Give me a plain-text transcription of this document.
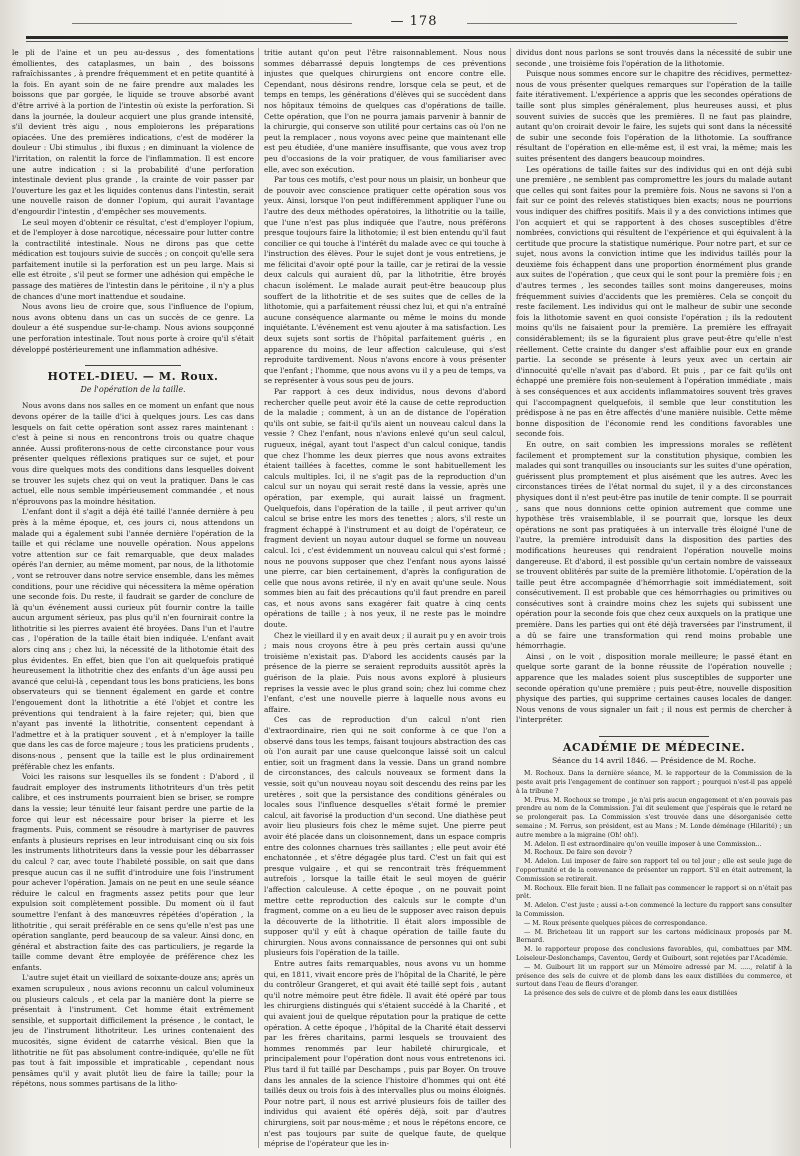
— 178

le pli de l'aine et un peu au-dessus , des fomentations émollientes, des cataplasmes, un bain , des boissons rafraîchissantes , à prendre fréquemment et en petite quantité à la fois. En ayant soin de ne faire prendre aux malades les boissons que par gorgée, le liquide se trouve absorbé avant d'être arrivé à la portion de l'intestin où existe la perforation. Si dans la journée, la douleur acquiert une plus grande intensité, s'il devient très aigu , nous emploierons les préparations opiacées. Une des premières indications, c'est de modérer la douleur : Ubi stimulus , ibi fluxus ; en diminuant la violence de l'irritation, on ralentit la force de l'inflammation. Il est encore une autre indication : si la probabilité d'une perforation intestinale devient plus grande , la crainte de voir passer par l'ouverture les gaz et les liquides contenus dans l'intestin, serait une nouvelle raison de donner l'opium, qui aurait l'avantage d'engourdir l'intestin , d'empêcher ses mouvements.

Le seul moyen d'obtenir ce résultat, c'est d'employer l'opium, et de l'employer à dose narcotique, nécessaire pour lutter contre la contractilité intestinale. Nous ne dirons pas que cette médication est toujours suivie de succès ; on conçoit qu'elle sera parfaitement inutile si la perforation est un peu large. Mais si elle est étroite , s'il peut se former une adhésion qui empêche le passage des matières de l'intestin dans le péritoine , il n'y a plus de chances d'une mort inattendue et soudaine.

Nous avons lieu de croire que, sous l'influence de l'opium, nous avons obtenu dans un cas un succès de ce genre. La douleur a été suspendue sur-le-champ. Nous avions soupçonné une perforation intestinale. Tout nous porte à croire qu'il s'était développé postérieurement une inflammation adhésive.

HOTEL-DIEU. — M. Roux.
De l'opération de la taille.

Nous avons dans nos salles en ce moment un enfant que nous devons opérer de la taille d'ici à quelques jours. Les cas dans lesquels on fait cette opération sont assez rares maintenant : c'est à peine si nous en rencontrons trois ou quatre chaque année. Aussi profiterons-nous de cette circonstance pour vous présenter quelques réflexions pratiques sur ce sujet, et pour vous dire quelques mots des conditions dans lesquelles doivent se trouver les sujets chez qui on veut la pratiquer. Dans le cas actuel, elle nous semble impérieusement commandée , et nous n'éprouvons pas la moindre hésitation.

L'enfant dont il s'agit a déjà été taillé l'année dernière à peu près à la même époque, et, ces jours ci, nous attendons un malade qui a également subi l'année dernière l'opération de la taille et qui réclame une nouvelle opération. Nous appelons votre attention sur ce fait remarquable, que deux malades opérés l'an dernier, au même moment, par nous, de la lithotomie , vont se retrouver dans notre service ensemble, dans les mêmes conditions, pour une récidive qui nécessitera la même opération une seconde fois. Du reste, il faudrait se garder de conclure de là qu'un événement aussi curieux pût fournir contre la taille aucun argument sérieux, pas plus qu'il n'en fournirait contre la lithotritie si les pierres avaient été broyées. Dans l'un et l'autre cas , l'opération de la taille était bien indiquée. L'enfant avait alors cinq ans ; chez lui, la nécessité de la lithotomie était des plus évidentes. En effet, bien que l'on ait quelquefois pratiqué heureusement la lithotritie chez des enfants d'un âge aussi peu avancé que celui-là , cependant tous les bons praticiens, les bons observateurs qui se tiennent également en garde et contre l'engouement dont la lithotritie a été l'objet et contre les préventions qui tendraient à la faire rejeter; qui, bien que n'ayant pas inventé la lithotritie, consentent cependant à l'admettre et à la pratiquer souvent , et à n'employer la taille que dans les cas de force majeure ; tous les praticiens prudents , disons-nous , pensent que la taille est le plus ordinairement préférable chez les enfants.

Voici les raisons sur lesquelles ils se fondent : D'abord , il faudrait employer des instruments lithotriteurs d'un très petit calibre, et ces instruments pourraient bien se briser, se rompre dans la vessie; leur ténuité leur faisant perdre une partie de la force qui leur est nécessaire pour briser la pierre et les fragments. Puis, comment se résoudre à martyriser de pauvres enfants à plusieurs reprises en leur introduisant cinq ou six fois les instruments lithotriteurs dans la vessie pour les débarrasser du calcul ? car, avec toute l'habileté possible, on sait que dans presque aucun cas il ne suffit d'introduire une fois l'instrument pour achever l'opération. Jamais on ne peut en une seule séance réduire le calcul en fragments assez petits pour que leur expulsion soit complètement possible. Du moment où il faut soumettre l'enfant à des manœuvres répétées d'opération , la lithotritie , qui serait préférable en ce sens qu'elle n'est pas une opération sanglante, perd beaucoup de sa valeur. Ainsi donc, en général et abstraction faite des cas particuliers, je regarde la taille comme devant être employée de préférence chez les enfants.

L'autre sujet était un vieillard de soixante-douze ans; après un examen scrupuleux , nous avions reconnu un calcul volumineux ou plusieurs calculs , et cela par la manière dont la pierre se présentait à l'instrument. Cet homme était extrêmement sensible, et supportait difficilement la présence , le contact, le jeu de l'instrument lithotriteur. Les urines contenaient des mucosités, signe évident de catarrhe vésical. Bien que la lithotritie ne fût pas absolument contre-indiquée, qu'elle ne fût pas tout à fait impossible et impraticable , cependant nous pensâmes qu'il y avait plutôt lieu de faire la taille; pour la répétons, nous sommes partisans de la litho-

tritie autant qu'on peut l'être raisonnablement. Nous nous sommes débarrassé depuis longtemps de ces préventions injustes que quelques chirurgiens ont encore contre elle. Cependant, nous désirons rendre, lorsque cela se peut, et de temps en temps, les générations d'élèves qui se succèdent dans nos hôpitaux témoins de quelques cas d'opérations de taille. Cette opération, que l'on ne pourra jamais parvenir à bannir de la chirurgie, qui conserve son utilité pour certains cas où l'on ne peut la remplacer , nous voyons avec peine que maintenant elle est peu étudiée, d'une manière insuffisante, que vous avez trop peu d'occasions de la voir pratiquer, de vous familiariser avec elle, avec son exécution.

Par tous ces motifs, c'est pour nous un plaisir, un bonheur que de pouvoir avec conscience pratiquer cette opération sous vos yeux. Ainsi, lorsque l'on peut indifféremment appliquer l'une ou l'autre des deux méthodes opératoires, la lithotritie ou la taille, que l'une n'est pas plus indiquée que l'autre, nous préférons presque toujours faire la lithotomie; il est bien entendu qu'il faut concilier ce qui touche à l'intérêt du malade avec ce qui touche à l'instruction des élèves. Pour le sujet dont je vous entretiens, je me félicitai d'avoir opté pour la taille, car je retirai de la vessie deux calculs qui auraient dû, par la lithotritie, être broyés chacun isolément. Le malade aurait peut-être beaucoup plus souffert de la lithotritie et de ses suites que de celles de la lithotomie, qui a parfaitement réussi chez lui, et qui n'a entraîné aucune conséquence alarmante ou même le moins du monde inquiétante. L'événement est venu ajouter à ma satisfaction. Les deux sujets sont sortis de l'hôpital parfaitement guéris , en apparence du moins, de leur affection calculeuse, qui s'est reproduite tardivement. Nous n'avons encore à vous présenter que l'enfant ; l'homme, que nous avons vu il y a peu de temps, va se représenter à vous sous peu de jours.

Par rapport à ces deux individus, nous devons d'abord rechercher quelle peut avoir été la cause de cette reproduction de la maladie ; comment, à un an de distance de l'opération qu'ils ont subie, se fait-il qu'ils aient un nouveau calcul dans la vessie ? Chez l'enfant, nous n'avions enlevé qu'un seul calcul, rugueux, inégal, ayant tout l'aspect d'un calcul conique, tandis que chez l'homme les deux pierres que nous avons extraites étaient taillées à facettes, comme le sont habituellement les calculs multiples. Ici, il ne s'agit pas de la reproduction d'un calcul sur un noyau qui serait resté dans la vessie, après une opération, par exemple, qui aurait laissé un fragment. Quelquefois, dans l'opération de la taille , il peut arriver qu'un calcul se brise entre les mors des tenettes ; alors, s'il reste un fragment échappé à l'instrument et au doigt de l'opérateur, ce fragment devient un noyau autour duquel se forme un nouveau calcul. Ici , c'est évidemment un nouveau calcul qui s'est formé ; nous ne pouvons supposer que chez l'enfant nous ayons laissé une pierre, car bien certainement, d'après la configuration de celle que nous avons retirée, il n'y en avait qu'une seule. Nous sommes bien au fait des précautions qu'il faut prendre en pareil cas, et nous avons sans exagérer fait quatre à cinq cents opérations de taille ; à nos yeux, il ne reste pas le moindre doute.

Chez le vieillard il y en avait deux ; il aurait pu y en avoir trois ; mais nous croyons être à peu près certain aussi qu'une troisième n'existait pas. D'abord les accidents causés par la présence de la pierre se seraient reproduits aussitôt après la guérison de la plaie. Puis nous avons exploré à plusieurs reprises la vessie avec le plus grand soin; chez lui comme chez l'enfant, c'est une nouvelle pierre à laquelle nous avons eu affaire.

Ces cas de reproduction d'un calcul n'ont rien d'extraordinaire, rien qui ne soit conforme à ce que l'on a observé dans tous les temps, faisant toujours abstraction des cas où l'on aurait par une cause quelconque laissé soit un calcul entier, soit un fragment dans la vessie. Dans un grand nombre de circonstances, des calculs nouveaux se forment dans la vessie, soit qu'un nouveau noyau soit descendu des reins par les uretères , soit que la persistance des conditions générales ou locales sous l'influence desquelles s'était formé le premier calcul, ait favorisé la production d'un second. Une diathèse peut avoir lieu plusieurs fois chez le même sujet. Une pierre peut avoir été placée dans un cloisonnement, dans un espace compris entre des colonnes charnues très saillantes ; elle peut avoir été enchatonnée , et s'être dégagée plus tard. C'est un fait qui est presque vulgaire , et qui se rencontrait très fréquemment autrefois , lorsque la taille était le seul moyen de guérir l'affection calculeuse. A cette époque , on ne pouvait point mettre cette reproduction des calculs sur le compte d'un fragment, comme on a eu lieu de le supposer avec raison depuis la découverte de la lithotritie. Il était alors impossible de supposer qu'il y eût à chaque opération de taille faute du chirurgien. Nous avons connaissance de personnes qui ont subi plusieurs fois l'opération de la taille.

Entre autres faits remarquables, nous avons vu un homme qui, en 1811, vivait encore près de l'hôpital de la Charité, le père du contrôleur Grangeret, et qui avait été taillé sept fois , autant qu'il notre mémoire peut être fidèle. Il avait été opéré par tous les chirurgiens distingués qui s'étaient succédé à la Charité , et qui avaient joui de quelque réputation pour la pratique de cette opération. A cette époque , l'hôpital de la Charité était desservi par les frères charitains, parmi lesquels se trouvaient des hommes renommés par leur habileté chirurgicale, et principalement pour l'opération dont nous vous entretenons ici. Plus tard il fut taillé par Deschamps , puis par Boyer. On trouve dans les annales de la science l'histoire d'hommes qui ont été taillés deux ou trois fois à des intervalles plus ou moins éloignés. Pour notre part, il nous est arrivé plusieurs fois de tailler des individus qui avaient été opérés déjà, soit par d'autres chirurgiens, soit par nous-même ; et nous le répétons encore, ce n'est pas toujours par suite de quelque faute, de quelque méprise de l'opérateur que les in-

dividus dont nous parlons se sont trouvés dans la nécessité de subir une seconde , une troisième fois l'opération de la lithotomie.

Puisque nous sommes encore sur le chapitre des récidives, permettez-nous de vous présenter quelques remarques sur l'opération de la taille faite itérativement. L'expérience a appris que les secondes opérations de taille sont plus simples généralement, plus heureuses aussi, et plus souvent suivies de succès que les premières. Il ne faut pas plaindre, autant qu'on croirait devoir le faire, les sujets qui sont dans la nécessité de subir une seconde fois l'opération de la lithotomie. La souffrance résultant de l'opération en elle-même est, il est vrai, la même; mais les suites présentent des dangers beaucoup moindres.

Les opérations de taille faites sur des individus qui en ont déjà subi une première , ne semblent pas compromettre les jours du malade autant que celles qui sont faites pour la première fois. Nous ne savons si l'on a fait sur ce point des relevés statistiques bien exacts; nous ne pourrions vous indiquer des chiffres positifs. Mais il y a des convictions intimes que l'on acquiert et qui se rapportent à des choses susceptibles d'être nombrées, convictions qui résultent de l'expérience et qui équivalent à la certitude que procure la statistique numérique. Pour notre part, et sur ce sujet, nous avons la conviction intime que les individus taillés pour la deuxième fois échappent dans une proportion énormément plus grande aux suites de l'opération , que ceux qui le sont pour la première fois ; en d'autres termes , les secondes tailles sont moins dangereuses, moins fréquemment suivies d'accidents que les premières. Cela se conçoit du reste facilement. Les individus qui ont le malheur de subir une seconde fois la lithotomie savent en quoi consiste l'opération ; ils la redoutent moins qu'ils ne faisaient pour la première. La première les effrayait considérablement; ils se la figuraient plus grave peut-être qu'elle n'est réellement. Cette crainte du danger s'est affaiblie pour eux en grande partie. La seconde se présente à leurs yeux avec un certain air d'innocuité qu'elle n'avait pas d'abord. Et puis , par ce fait qu'ils ont échappé une première fois non-seulement à l'opération immédiate , mais à ses conséquences et aux accidents inflammatoires souvent très graves qui l'accompagnent quelquefois, il semble que leur constitution les prédispose à ne pas en être affectés d'une manière nuisible. Cette même bonne disposition de l'économie rend les conditions favorables une seconde fois.

En outre, on sait combien les impressions morales se reflètent facilement et promptement sur la constitution physique, combien les malades qui sont tranquilles ou insouciants sur les suites d'une opération, guérissent plus promptement et plus aisément que les autres. Avec les circonstances tirées de l'état normal du sujet, il y a des circonstances physiques dont il n'est peut-être pas inutile de tenir compte. Il se pourrait , sans que nous donnions cette opinion autrement que comme une hypothèse très vraisemblable, il se pourrait que, lorsque les deux opérations ne sont pas pratiquées à un intervalle très éloigné l'une de l'autre, la première introduisît dans la disposition des parties des modifications heureuses qui rendraient l'opération nouvelle moins dangereuse. Et d'abord, il est possible qu'un certain nombre de vaisseaux se trouvent oblitérés par suite de la première lithotomie. L'opération de la taille peut être accompagnée d'hémorrhagie soit immédiatement, soit consécutivement. Il est probable que ces hémorrhagies ou primitives ou consécutives sont à craindre moins chez les sujets qui subissent une opération pour la seconde fois que chez ceux auxquels on la pratique une première. Dans les parties qui ont été déjà traversées par l'instrument, il a dû se faire une transformation qui rend moins probable une hémorrhagie.

Ainsi , on le voit , disposition morale meilleure; le passé étant en quelque sorte garant de la bonne réussite de l'opération nouvelle ; apparence que les malades soient plus susceptibles de supporter une seconde opération qu'une première ; puis peut-être, nouvelle disposition physique des parties, qui supprime certaines causes locales de danger. Nous venons de vous signaler un fait ; il nous est permis de chercher à l'interpréter.

ACADÉMIE DE MÉDECINE.
Séance du 14 avril 1846. — Présidence de M. Roche.

M. Rochoux. Dans la dernière séance, M. le rapporteur de la Commission de la peste avait pris l'engagement de continuer son rapport ; pourquoi n'est-il pas appelé à la tribune ?

M. Prus. M. Rochoux se trompe , je n'ai pris aucun engagement et n'en pouvais pas prendre au nom de la Commission. J'ai dit seulement que j'espérais que le retard ne se prolongerait pas. La Commission s'est trouvée dans une désorganisée cette semaine ; M. Ferrus, son président, est au Mans ; M. Londe déménage (Hilarité) ; un autre membre a la migraine (Oh! oh!).

M. Adelon. Il est extraordinaire qu'on veuille imposer à une Commission...

M. Rochoux. De faire son devoir ?

M. Adelon. Lui imposer de faire son rapport tel ou tel jour ; elle est seule juge de l'opportunité et de la convenance de présenter un rapport. S'il en était autrement, la Commission se retirerait.

M. Rochoux. Elle ferait bien. Il ne fallait pas commencer le rapport si on n'était pas prêt.

M. Adelon. C'est juste ; aussi a-t-on commencé la lecture du rapport sans consulter la Commission.

— M. Roux présente quelques pièces de correspondance.

— M. Bricheteau lit un rapport sur les cartons médicinaux proposés par M. Bernard.

M. le rapporteur propose des conclusions favorables, qui, combattues par MM. Loiseleur-Deslonchamps, Caventou, Gerdy et Guibourt, sont rejetées par l'Académie.

— M. Guibourt lit un rapport sur un Mémoire adressé par M. ....., relatif à la présence des sels de cuivre et de plomb dans les eaux distillées du commerce, et surtout dans l'eau de fleurs d'oranger.

La présence des sels de cuivre et de plomb dans les eaux distillées
